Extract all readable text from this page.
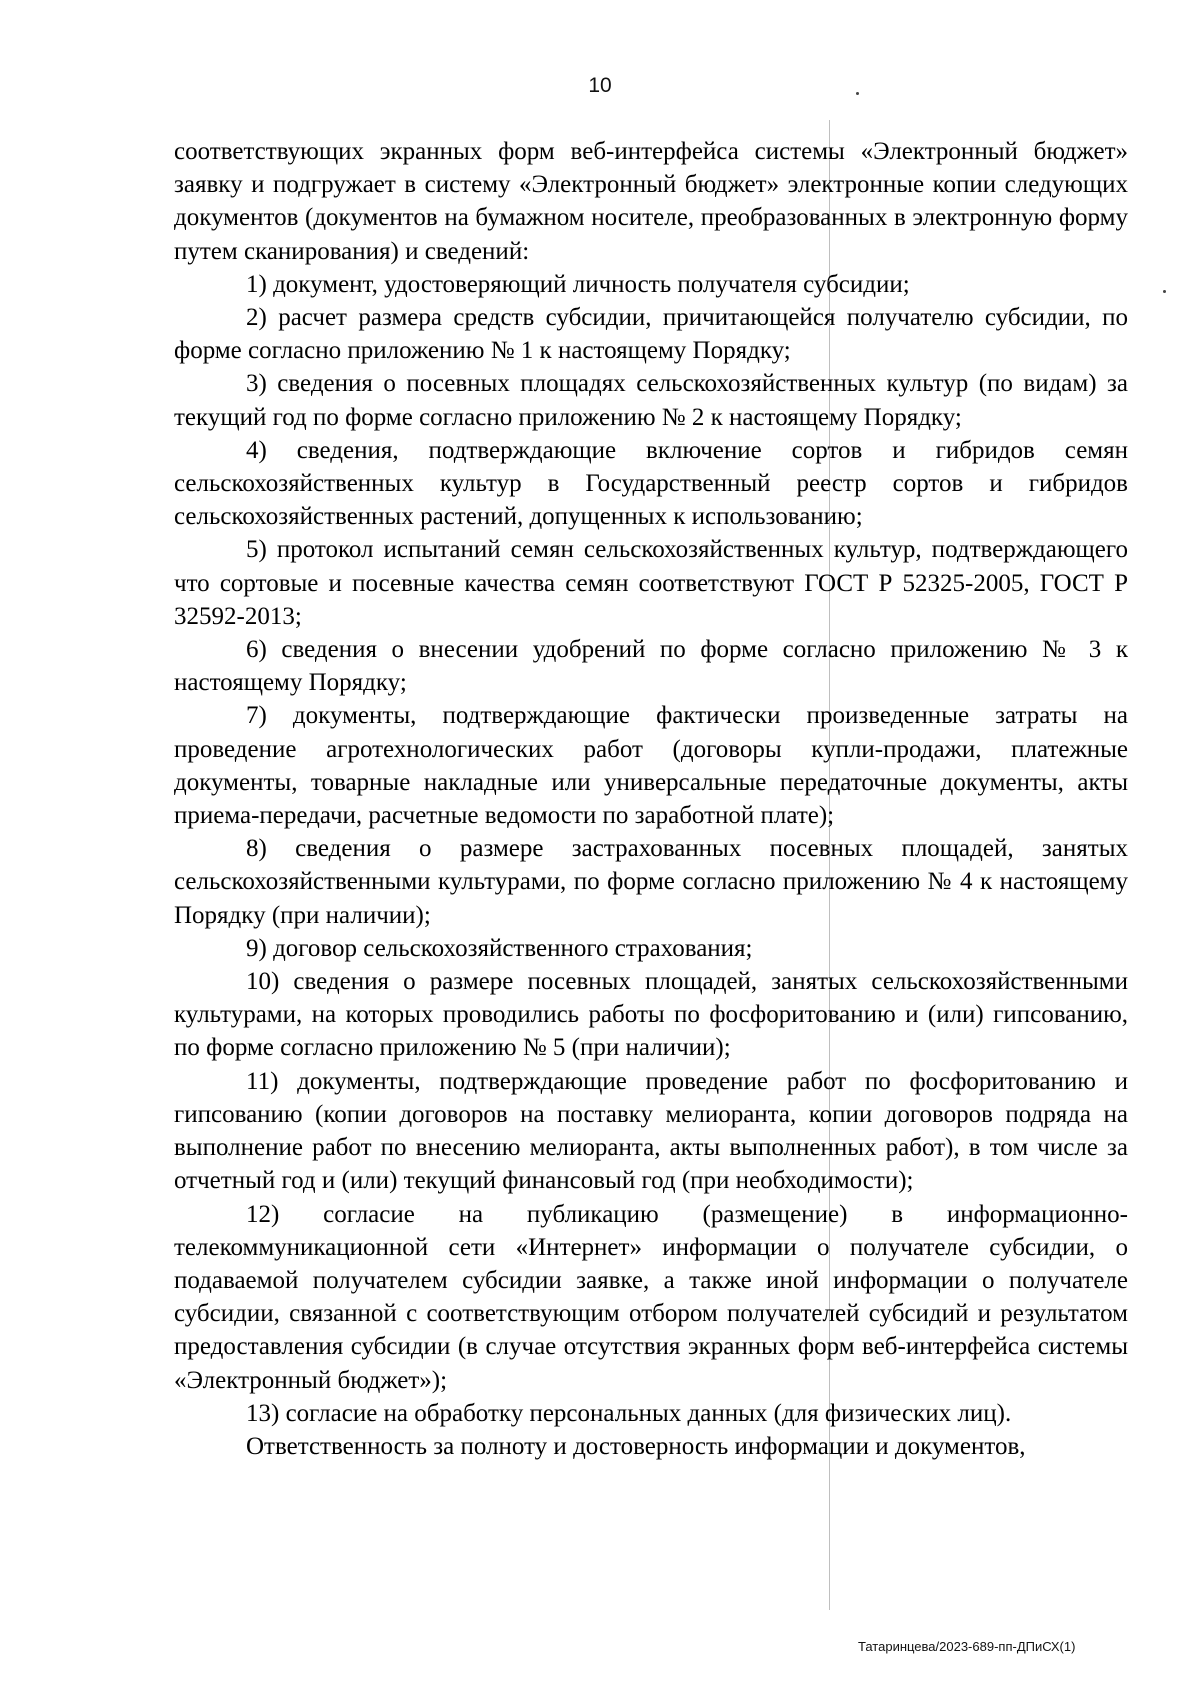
10

соответствующих экранных форм веб-интерфейса системы «Электронный бюджет» заявку и подгружает в систему «Электронный бюджет» электронные копии следующих документов (документов на бумажном носителе, преобразованных в электронную форму путем сканирования) и сведений:

1) документ, удостоверяющий личность получателя субсидии;

2) расчет размера средств субсидии, причитающейся получателю субсидии, по форме согласно приложению № 1 к настоящему Порядку;

3) сведения о посевных площадях сельскохозяйственных культур (по видам) за текущий год по форме согласно приложению № 2 к настоящему Порядку;

4) сведения, подтверждающие включение сортов и гибридов семян сельскохозяйственных культур в Государственный реестр сортов и гибридов сельскохозяйственных растений, допущенных к использованию;

5) протокол испытаний семян сельскохозяйственных культур, подтверждающего что сортовые и посевные качества семян соответствуют ГОСТ Р 52325-2005, ГОСТ Р 32592-2013;

6) сведения о внесении удобрений по форме согласно приложению № 3 к настоящему Порядку;

7) документы, подтверждающие фактически произведенные затраты на проведение агротехнологических работ (договоры купли-продажи, платежные документы, товарные накладные или универсальные передаточные документы, акты приема-передачи, расчетные ведомости по заработной плате);

8) сведения о размере застрахованных посевных площадей, занятых сельскохозяйственными культурами, по форме согласно приложению № 4 к настоящему Порядку (при наличии);

9) договор сельскохозяйственного страхования;

10) сведения о размере посевных площадей, занятых сельскохозяйственными культурами, на которых проводились работы по фосфоритованию и (или) гипсованию, по форме согласно приложению № 5 (при наличии);

11) документы, подтверждающие проведение работ по фосфоритованию и гипсованию (копии договоров на поставку мелиоранта, копии договоров подряда на выполнение работ по внесению мелиоранта, акты выполненных работ), в том числе за отчетный год и (или) текущий финансовый год (при необходимости);

12) согласие на публикацию (размещение) в информационно-телекоммуникационной сети «Интернет» информации о получателе субсидии, о подаваемой получателем субсидии заявке, а также иной информации о получателе субсидии, связанной с соответствующим отбором получателей субсидий и результатом предоставления субсидии (в случае отсутствия экранных форм веб-интерфейса системы «Электронный бюджет»);

13) согласие на обработку персональных данных (для физических лиц).

Ответственность за полноту и достоверность информации и документов,

Татаринцева/2023-689-пп-ДПиСХ(1)
